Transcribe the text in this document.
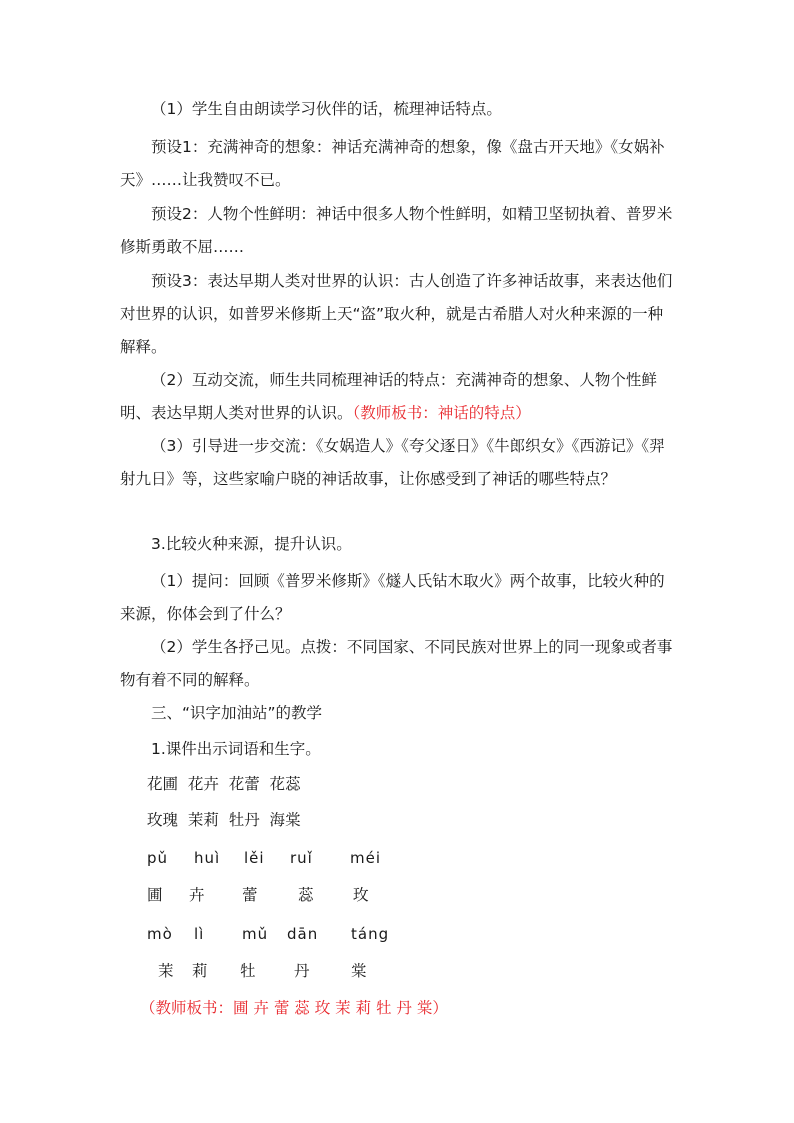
（1）学生自由朗读学习伙伴的话，梳理神话特点。

预设1：充满神奇的想象：神话充满神奇的想象，像《盘古开天地》《女娲补天》……让我赞叹不已。

预设2：人物个性鲜明：神话中很多人物个性鲜明，如精卫坚韧执着、普罗米修斯勇敢不屈……

预设3：表达早期人类对世界的认识：古人创造了许多神话故事，来表达他们对世界的认识，如普罗米修斯上天“盗”取火种，就是古希腊人对火种来源的一种解释。

（2）互动交流，师生共同梳理神话的特点：充满神奇的想象、人物个性鲜明、表达早期人类对世界的认识。（教师板书：神话的特点）

（3）引导进一步交流：《女娲造人》《夸父逐日》《牛郎织女》《西游记》《羿射九日》等，这些家喻户晓的神话故事，让你感受到了神话的哪些特点？

3.比较火种来源，提升认识。

（1）提问：回顾《普罗米修斯》《燧人氏钻木取火》两个故事，比较火种的来源，你体会到了什么？

（2）学生各抒己见。点拨：不同国家、不同民族对世界上的同一现象或者事物有着不同的解释。

三、“识字加油站”的教学

1.课件出示词语和生字。

花圃  花卉  花蕾  花蕊
玫瑰  茉莉  牡丹  海棠
pǔ huì lěi ruǐ méi
圃 卉 蕾	蕊	玫
mò lì	mǔ dān táng
茉 莉 牡 丹	棠
（教师板书：圃 卉 蕾 蕊 玫 茉 莉 牡 丹 棠）
